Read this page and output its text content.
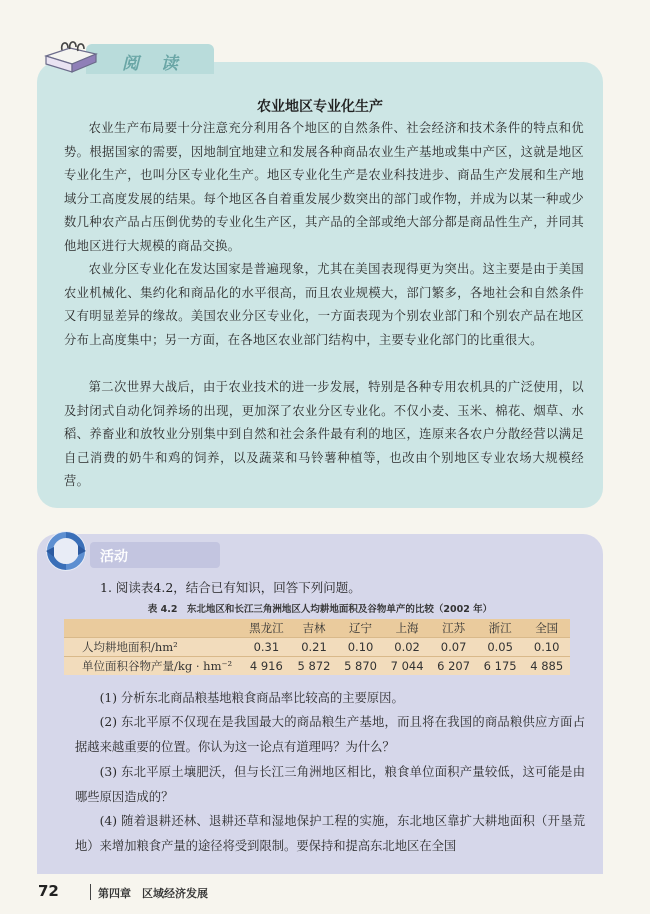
阅 读
农业地区专业化生产

农业生产布局要十分注意充分利用各个地区的自然条件、社会经济和技术条件的特点和优势。根据国家的需要，因地制宜地建立和发展各种商品农业生产基地或集中产区，这就是地区专业化生产，也叫分区专业化生产。地区专业化生产是农业科技进步、商品生产发展和生产地域分工高度发展的结果。每个地区各自着重发展少数突出的部门或作物，并成为以某一种或少数几种农产品占压倒优势的专业化生产区，其产品的全部或绝大部分都是商品性生产，并同其他地区进行大规模的商品交换。

农业分区专业化在发达国家是普遍现象，尤其在美国表现得更为突出。这主要是由于美国农业机械化、集约化和商品化的水平很高，而且农业规模大，部门繁多，各地社会和自然条件又有明显差异的缘故。美国农业分区专业化，一方面表现为个别农业部门和个别农产品在地区分布上高度集中；另一方面，在各地区农业部门结构中，主要专业化部门的比重很大。

第二次世界大战后，由于农业技术的进一步发展，特别是各种专用农机具的广泛使用，以及封闭式自动化饲养场的出现，更加深了农业分区专业化。不仅小麦、玉米、棉花、烟草、水稻、养畜业和放牧业分别集中到自然和社会条件最有利的地区，连原来各农户分散经营以满足自己消费的奶牛和鸡的饲养，以及蔬菜和马铃薯种植等，也改由个别地区专业农场大规模经营。

活动
1. 阅读表4.2，结合已有知识，回答下列问题。
表 4.2　东北地区和长江三角洲地区人均耕地面积及谷物单产的比较（2002 年）
	黑龙江	吉林	辽宁	上海	江苏	浙江	全国
人均耕地面积/hm²	0.31	0.21	0.10	0.02	0.07	0.05	0.10
单位面积谷物产量/kg · hm⁻²	4 916	5 872	5 870	7 044	6 207	6 175	4 885

(1) 分析东北商品粮基地粮食商品率比较高的主要原因。

(2) 东北平原不仅现在是我国最大的商品粮生产基地，而且将在我国的商品粮供应方面占据越来越重要的位置。你认为这一论点有道理吗？为什么？

(3) 东北平原土壤肥沃，但与长江三角洲地区相比，粮食单位面积产量较低，这可能是由哪些原因造成的？

(4) 随着退耕还林、退耕还草和湿地保护工程的实施，东北地区靠扩大耕地面积（开垦荒地）来增加粮食产量的途径将受到限制。要保持和提高东北地区在全国

72	第四章　区域经济发展
